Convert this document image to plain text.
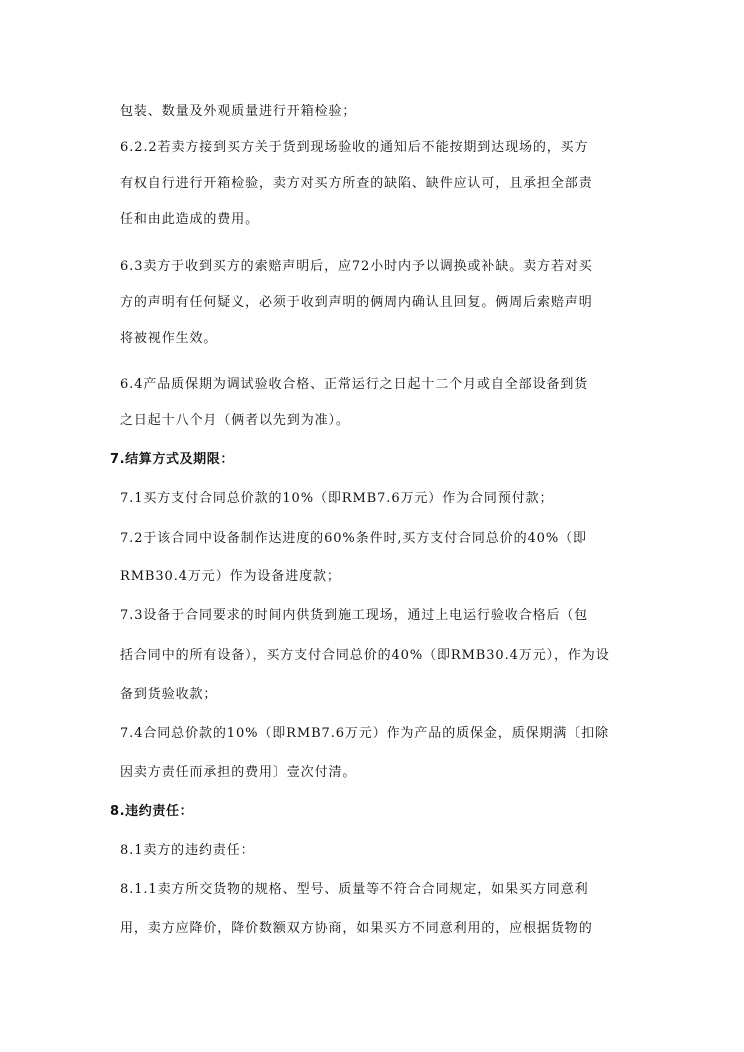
包装、数量及外观质量进行开箱检验；
6.2.2若卖方接到买方关于货到现场验收的通知后不能按期到达现场的，买方
有权自行进行开箱检验，卖方对买方所查的缺陷、缺件应认可，且承担全部责
任和由此造成的费用。
6.3卖方于收到买方的索赔声明后，应72小时内予以调换或补缺。卖方若对买
方的声明有任何疑义，必须于收到声明的俩周内确认且回复。俩周后索赔声明
将被视作生效。
6.4产品质保期为调试验收合格、正常运行之日起十二个月或自全部设备到货
之日起十八个月（俩者以先到为准）。
7.结算方式及期限：
7.1买方支付合同总价款的10%（即RMB7.6万元）作为合同预付款；
7.2于该合同中设备制作达进度的60%条件时,买方支付合同总价的40%（即
RMB30.4万元）作为设备进度款；
7.3设备于合同要求的时间内供货到施工现场，通过上电运行验收合格后（包
括合同中的所有设备），买方支付合同总价的40%（即RMB30.4万元），作为设
备到货验收款；
7.4合同总价款的10%（即RMB7.6万元）作为产品的质保金，质保期满〔扣除
因卖方责任而承担的费用〕壹次付清。
8.违约责任：
8.1卖方的违约责任：
8.1.1卖方所交货物的规格、型号、质量等不符合合同规定，如果买方同意利
用，卖方应降价，降价数额双方协商，如果买方不同意利用的，应根据货物的
